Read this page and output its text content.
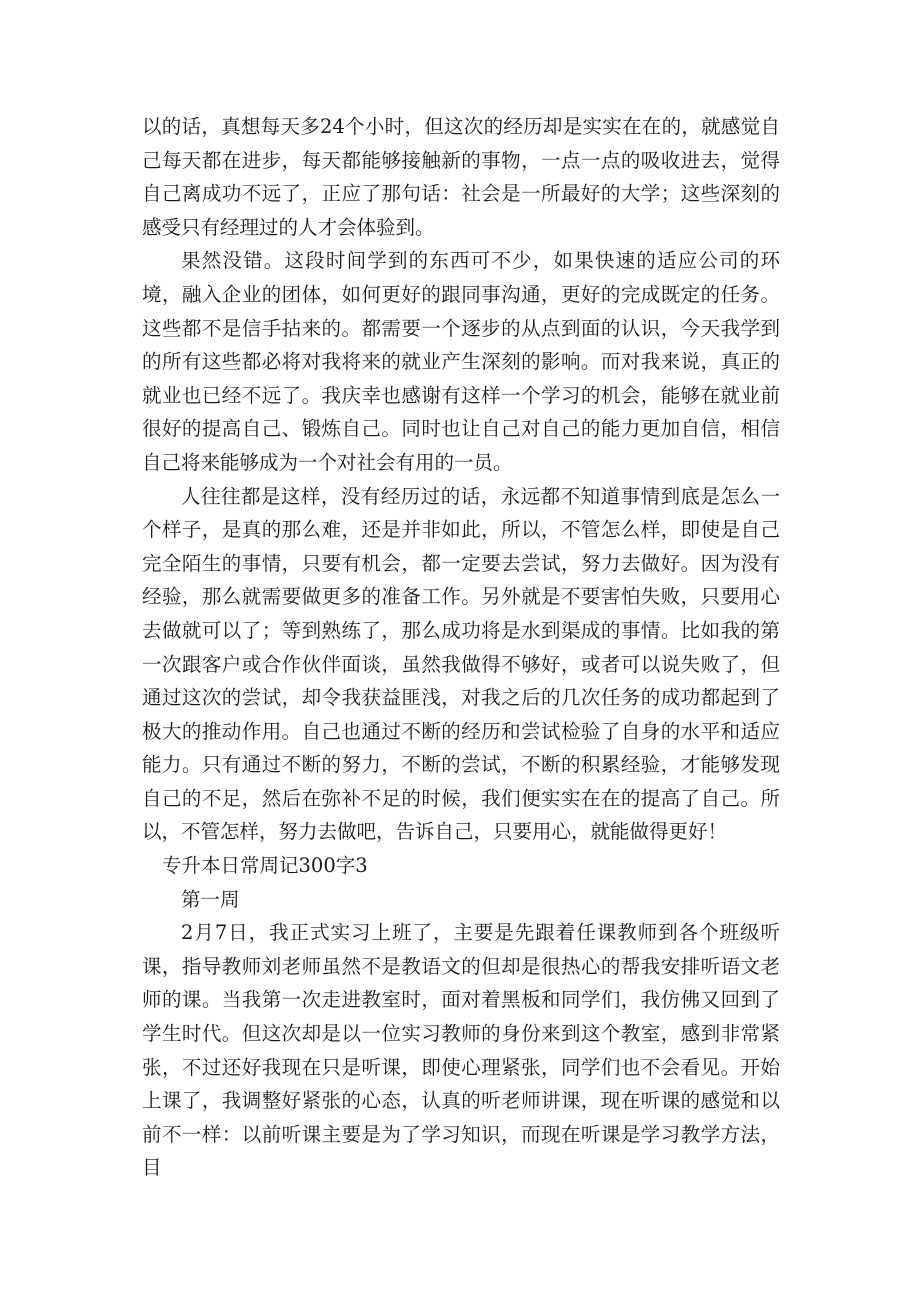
以的话，真想每天多24个小时，但这次的经历却是实实在在的，就感觉自己每天都在进步，每天都能够接触新的事物，一点一点的吸收进去，觉得自己离成功不远了，正应了那句话：社会是一所最好的大学；这些深刻的感受只有经理过的人才会体验到。

果然没错。这段时间学到的东西可不少，如果快速的适应公司的环境，融入企业的团体，如何更好的跟同事沟通，更好的完成既定的任务。这些都不是信手拈来的。都需要一个逐步的从点到面的认识，今天我学到的所有这些都必将对我将来的就业产生深刻的影响。而对我来说，真正的就业也已经不远了。我庆幸也感谢有这样一个学习的机会，能够在就业前很好的提高自己、锻炼自己。同时也让自己对自己的能力更加自信，相信自己将来能够成为一个对社会有用的一员。

人往往都是这样，没有经历过的话，永远都不知道事情到底是怎么一个样子，是真的那么难，还是并非如此，所以，不管怎么样，即使是自己完全陌生的事情，只要有机会，都一定要去尝试，努力去做好。因为没有经验，那么就需要做更多的准备工作。另外就是不要害怕失败，只要用心去做就可以了；等到熟练了，那么成功将是水到渠成的事情。比如我的第一次跟客户或合作伙伴面谈，虽然我做得不够好，或者可以说失败了，但通过这次的尝试，却令我获益匪浅，对我之后的几次任务的成功都起到了极大的推动作用。自己也通过不断的经历和尝试检验了自身的水平和适应能力。只有通过不断的努力，不断的尝试，不断的积累经验，才能够发现自己的不足，然后在弥补不足的时候，我们便实实在在的提高了自己。所以，不管怎样，努力去做吧，告诉自己，只要用心，就能做得更好！

专升本日常周记300字3

第一周

2月7日，我正式实习上班了，主要是先跟着任课教师到各个班级听课，指导教师刘老师虽然不是教语文的但却是很热心的帮我安排听语文老师的课。当我第一次走进教室时，面对着黑板和同学们，我仿佛又回到了学生时代。但这次却是以一位实习教师的身份来到这个教室，感到非常紧张，不过还好我现在只是听课，即使心理紧张，同学们也不会看见。开始上课了，我调整好紧张的心态，认真的听老师讲课，现在听课的感觉和以前不一样：以前听课主要是为了学习知识，而现在听课是学习教学方法，目
